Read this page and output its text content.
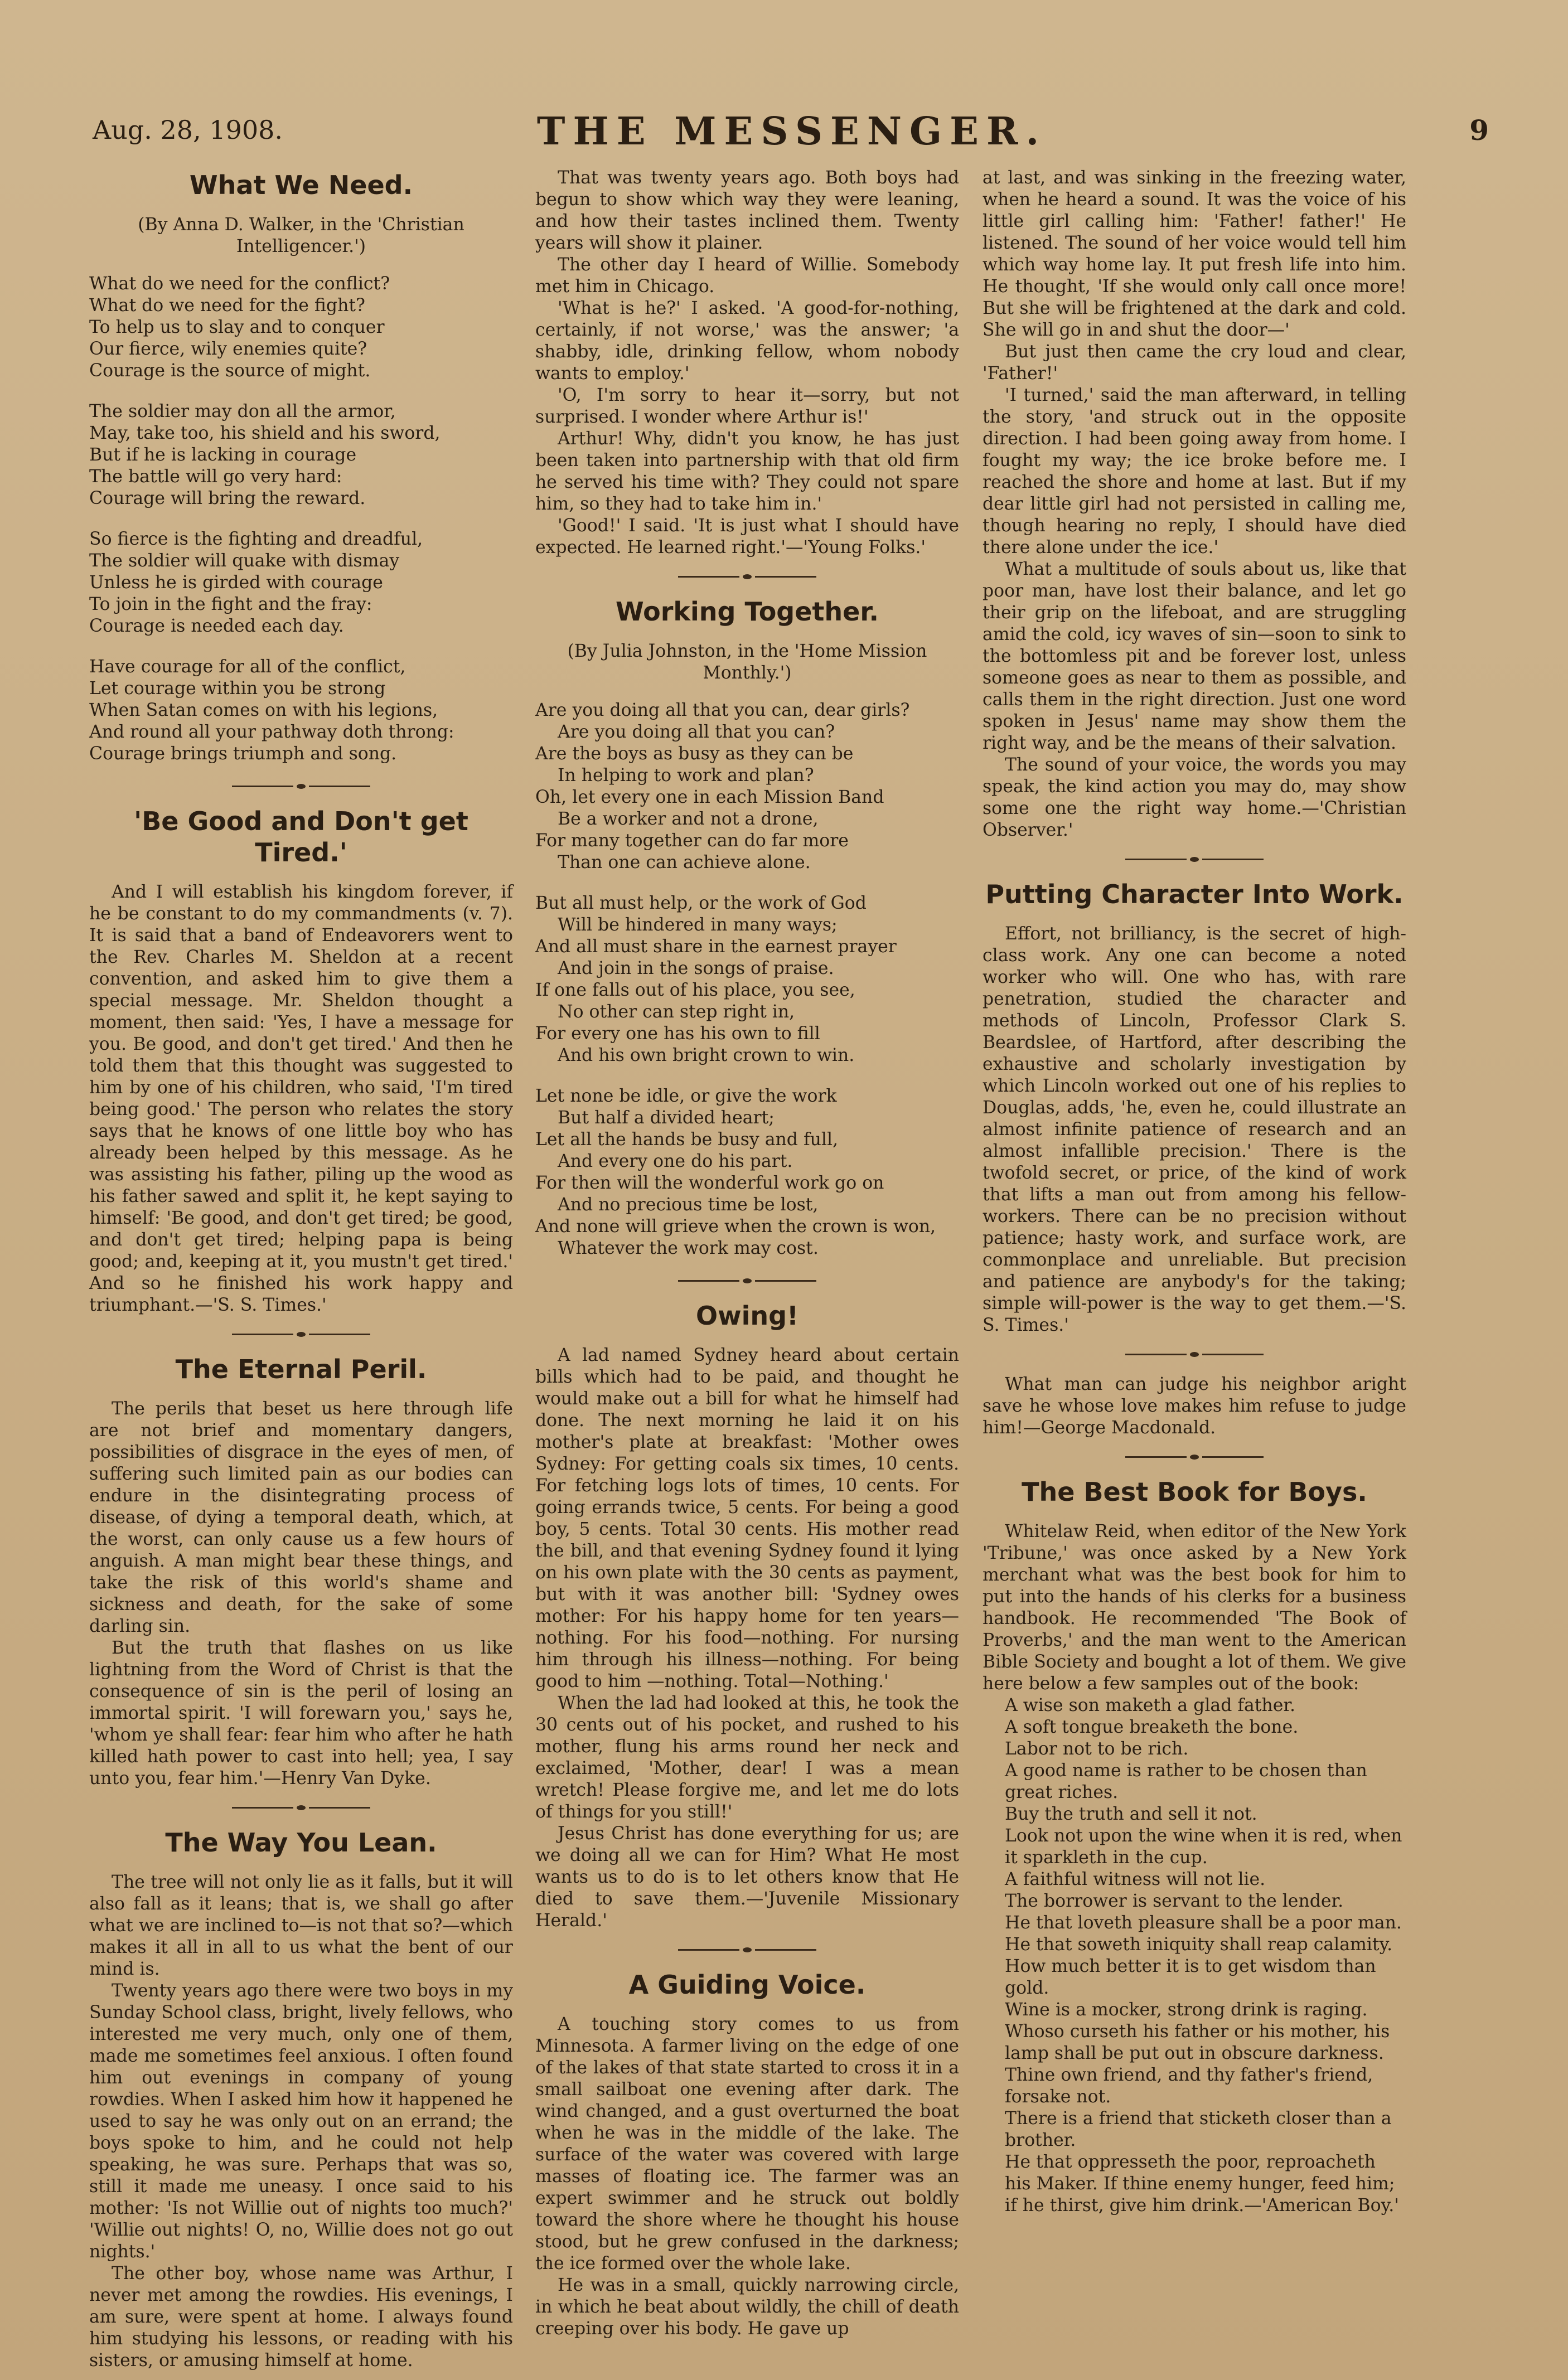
Aug. 28, 1908.	THE MESSENGER.	9
What We Need.
(By Anna D. Walker, in the 'Christian Intelligencer.')
What do we need for the conflict?
What do we need for the fight?
To help us to slay and to conquer
Our fierce, wily enemies quite?
Courage is the source of might.
The soldier may don all the armor,
May, take too, his shield and his sword,
But if he is lacking in courage
The battle will go very hard:
Courage will bring the reward.
So fierce is the fighting and dreadful,
The soldier will quake with dismay
Unless he is girded with courage
To join in the fight and the fray:
Courage is needed each day.
Have courage for all of the conflict,
Let courage within you be strong
When Satan comes on with his legions,
And round all your pathway doth throng:
Courage brings triumph and song.
'Be Good and Don't get Tired.'

And I will establish his kingdom forever, if he be constant to do my commandments (v. 7). It is said that a band of Endeavorers went to the Rev. Charles M. Sheldon at a recent convention, and asked him to give them a special message. Mr. Sheldon thought a moment, then said: 'Yes, I have a message for you. Be good, and don't get tired.' And then he told them that this thought was suggested to him by one of his children, who said, 'I'm tired being good.' The person who relates the story says that he knows of one little boy who has already been helped by this message. As he was assisting his father, piling up the wood as his father sawed and split it, he kept saying to himself: 'Be good, and don't get tired; be good, and don't get tired; helping papa is being good; and, keeping at it, you mustn't get tired.' And so he finished his work happy and triumphant.—'S. S. Times.'

The Eternal Peril.

The perils that beset us here through life are not brief and momentary dangers, possibilities of disgrace in the eyes of men, of suffering such limited pain as our bodies can endure in the disintegrating process of disease, of dying a temporal death, which, at the worst, can only cause us a few hours of anguish. A man might bear these things, and take the risk of this world's shame and sickness and death, for the sake of some darling sin.

But the truth that flashes on us like lightning from the Word of Christ is that the consequence of sin is the peril of losing an immortal spirit. 'I will forewarn you,' says he, 'whom ye shall fear: fear him who after he hath killed hath power to cast into hell; yea, I say unto you, fear him.'—Henry Van Dyke.

The Way You Lean.

The tree will not only lie as it falls, but it will also fall as it leans; that is, we shall go after what we are inclined to—is not that so?—which makes it all in all to us what the bent of our mind is.

Twenty years ago there were two boys in my Sunday School class, bright, lively fellows, who interested me very much, only one of them, made me sometimes feel anxious. I often found him out evenings in company of young rowdies. When I asked him how it happened he used to say he was only out on an errand; the boys spoke to him, and he could not help speaking, he was sure. Perhaps that was so, still it made me uneasy. I once said to his mother: 'Is not Willie out of nights too much?' 'Willie out nights! O, no, Willie does not go out nights.'

The other boy, whose name was Arthur, I never met among the rowdies. His evenings, I am sure, were spent at home. I always found him studying his lessons, or reading with his sisters, or amusing himself at home.

That was twenty years ago. Both boys had begun to show which way they were leaning, and how their tastes inclined them. Twenty years will show it plainer.

The other day I heard of Willie. Somebody met him in Chicago.

'What is he?' I asked. 'A good-for-nothing, certainly, if not worse,' was the answer; 'a shabby, idle, drinking fellow, whom nobody wants to employ.'

'O, I'm sorry to hear it—sorry, but not surprised. I wonder where Arthur is!'

Arthur! Why, didn't you know, he has just been taken into partnership with that old firm he served his time with? They could not spare him, so they had to take him in.'

'Good!' I said. 'It is just what I should have expected. He learned right.'—'Young Folks.'

Working Together.
(By Julia Johnston, in the 'Home Mission Monthly.')
Are you doing all that you can, dear girls?
Are you doing all that you can?
Are the boys as busy as they can be
In helping to work and plan?
Oh, let every one in each Mission Band
Be a worker and not a drone,
For many together can do far more
Than one can achieve alone.
But all must help, or the work of God
Will be hindered in many ways;
And all must share in the earnest prayer
And join in the songs of praise.
If one falls out of his place, you see,
No other can step right in,
For every one has his own to fill
And his own bright crown to win.
Let none be idle, or give the work
But half a divided heart;
Let all the hands be busy and full,
And every one do his part.
For then will the wonderful work go on
And no precious time be lost,
And none will grieve when the crown is won,
Whatever the work may cost.
Owing!

A lad named Sydney heard about certain bills which had to be paid, and thought he would make out a bill for what he himself had done. The next morning he laid it on his mother's plate at breakfast: 'Mother owes Sydney: For getting coals six times, 10 cents. For fetching logs lots of times, 10 cents. For going errands twice, 5 cents. For being a good boy, 5 cents. Total 30 cents. His mother read the bill, and that evening Sydney found it lying on his own plate with the 30 cents as payment, but with it was another bill: 'Sydney owes mother: For his happy home for ten years—nothing. For his food—nothing. For nursing him through his illness—nothing. For being good to him —nothing. Total—Nothing.'

When the lad had looked at this, he took the 30 cents out of his pocket, and rushed to his mother, flung his arms round her neck and exclaimed, 'Mother, dear! I was a mean wretch! Please forgive me, and let me do lots of things for you still!'

Jesus Christ has done everything for us; are we doing all we can for Him? What He most wants us to do is to let others know that He died to save them.—'Juvenile Missionary Herald.'

A Guiding Voice.

A touching story comes to us from Minnesota. A farmer living on the edge of one of the lakes of that state started to cross it in a small sailboat one evening after dark. The wind changed, and a gust overturned the boat when he was in the middle of the lake. The surface of the water was covered with large masses of floating ice. The farmer was an expert swimmer and he struck out boldly toward the shore where he thought his house stood, but he grew confused in the darkness; the ice formed over the whole lake.

He was in a small, quickly narrowing circle, in which he beat about wildly, the chill of death creeping over his body. He gave up

at last, and was sinking in the freezing water, when he heard a sound. It was the voice of his little girl calling him: 'Father! father!' He listened. The sound of her voice would tell him which way home lay. It put fresh life into him. He thought, 'If she would only call once more! But she will be frightened at the dark and cold. She will go in and shut the door—'

But just then came the cry loud and clear, 'Father!'

'I turned,' said the man afterward, in telling the story, 'and struck out in the opposite direction. I had been going away from home. I fought my way; the ice broke before me. I reached the shore and home at last. But if my dear little girl had not persisted in calling me, though hearing no reply, I should have died there alone under the ice.'

What a multitude of souls about us, like that poor man, have lost their balance, and let go their grip on the lifeboat, and are struggling amid the cold, icy waves of sin—soon to sink to the bottomless pit and be forever lost, unless someone goes as near to them as possible, and calls them in the right direction. Just one word spoken in Jesus' name may show them the right way, and be the means of their salvation.

The sound of your voice, the words you may speak, the kind action you may do, may show some one the right way home.—'Christian Observer.'

Putting Character Into Work.

Effort, not brilliancy, is the secret of high-class work. Any one can become a noted worker who will. One who has, with rare penetration, studied the character and methods of Lincoln, Professor Clark S. Beardslee, of Hartford, after describing the exhaustive and scholarly investigation by which Lincoln worked out one of his replies to Douglas, adds, 'he, even he, could illustrate an almost infinite patience of research and an almost infallible precision.' There is the twofold secret, or price, of the kind of work that lifts a man out from among his fellow-workers. There can be no precision without patience; hasty work, and surface work, are commonplace and unreliable. But precision and patience are anybody's for the taking; simple will-power is the way to get them.—'S. S. Times.'

What man can judge his neighbor aright save he whose love makes him refuse to judge him!—George Macdonald.

The Best Book for Boys.

Whitelaw Reid, when editor of the New York 'Tribune,' was once asked by a New York merchant what was the best book for him to put into the hands of his clerks for a business handbook. He recommended 'The Book of Proverbs,' and the man went to the American Bible Society and bought a lot of them. We give here below a few samples out of the book:

A wise son maketh a glad father.
A soft tongue breaketh the bone.
Labor not to be rich.
A good name is rather to be chosen than great riches.
Buy the truth and sell it not.
Look not upon the wine when it is red, when it sparkleth in the cup.
A faithful witness will not lie.
The borrower is servant to the lender.
He that loveth pleasure shall be a poor man.
He that soweth iniquity shall reap calamity.
How much better it is to get wisdom than gold.
Wine is a mocker, strong drink is raging.
Whoso curseth his father or his mother, his lamp shall be put out in obscure darkness.
Thine own friend, and thy father's friend, forsake not.
There is a friend that sticketh closer than a brother.
He that oppresseth the poor, reproacheth his Maker. If thine enemy hunger, feed him; if he thirst, give him drink.—'American Boy.'
